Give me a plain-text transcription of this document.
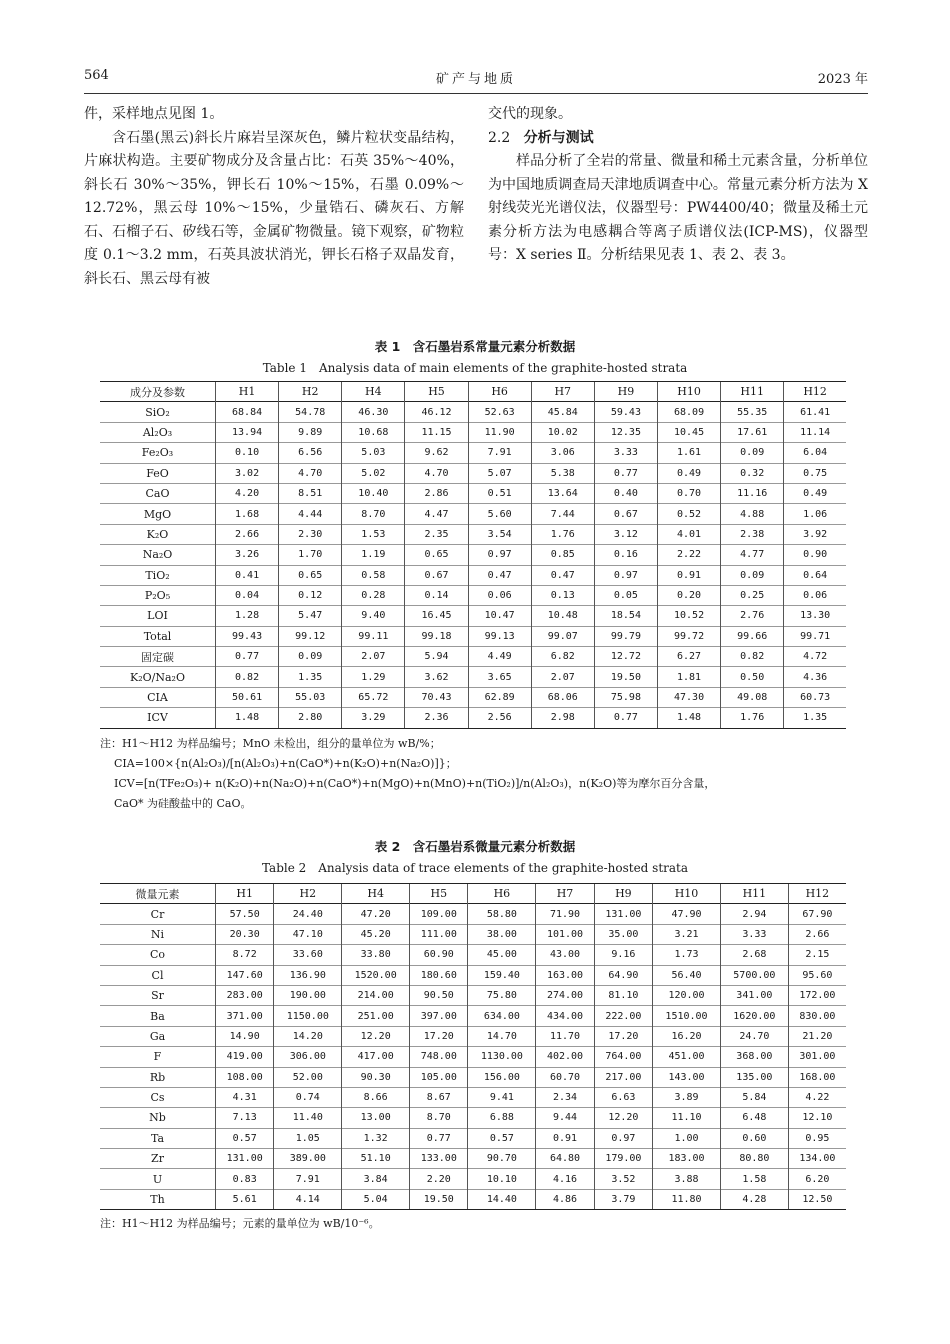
564	矿产与地质	2023 年

件，采样地点见图 1。

含石墨(黑云)斜长片麻岩呈深灰色，鳞片粒状变晶结构，片麻状构造。主要矿物成分及含量占比：石英 35%～40%，斜长石 30%～35%，钾长石 10%～15%，石墨 0.09%～12.72%，黑云母 10%～15%，少量锆石、磷灰石、方解石、石榴子石、矽线石等，金属矿物微量。镜下观察，矿物粒度 0.1～3.2 mm，石英具波状消光，钾长石格子双晶发育，斜长石、黑云母有被

交代的现象。

2.2 分析与测试

样品分析了全岩的常量、微量和稀土元素含量，分析单位为中国地质调查局天津地质调查中心。常量元素分析方法为 X 射线荧光光谱仪法，仪器型号：PW4400/40；微量及稀土元素分析方法为电感耦合等离子质谱仪法(ICP-MS)，仪器型号：X series Ⅱ。分析结果见表 1、表 2、表 3。

表 1　含石墨岩系常量元素分析数据
Table 1　Analysis data of main elements of the graphite-hosted strata
成分及参数	H1	H2	H4	H5	H6	H7	H9	H10	H11	H12
SiO₂	68.84	54.78	46.30	46.12	52.63	45.84	59.43	68.09	55.35	61.41
Al₂O₃	13.94	9.89	10.68	11.15	11.90	10.02	12.35	10.45	17.61	11.14
Fe₂O₃	0.10	6.56	5.03	9.62	7.91	3.06	3.33	1.61	0.09	6.04
FeO	3.02	4.70	5.02	4.70	5.07	5.38	0.77	0.49	0.32	0.75
CaO	4.20	8.51	10.40	2.86	0.51	13.64	0.40	0.70	11.16	0.49
MgO	1.68	4.44	8.70	4.47	5.60	7.44	0.67	0.52	4.88	1.06
K₂O	2.66	2.30	1.53	2.35	3.54	1.76	3.12	4.01	2.38	3.92
Na₂O	3.26	1.70	1.19	0.65	0.97	0.85	0.16	2.22	4.77	0.90
TiO₂	0.41	0.65	0.58	0.67	0.47	0.47	0.97	0.91	0.09	0.64
P₂O₅	0.04	0.12	0.28	0.14	0.06	0.13	0.05	0.20	0.25	0.06
LOI	1.28	5.47	9.40	16.45	10.47	10.48	18.54	10.52	2.76	13.30
Total	99.43	99.12	99.11	99.18	99.13	99.07	99.79	99.72	99.66	99.71
固定碳	0.77	0.09	2.07	5.94	4.49	6.82	12.72	6.27	0.82	4.72
K₂O/Na₂O	0.82	1.35	1.29	3.62	3.65	2.07	19.50	1.81	0.50	4.36
CIA	50.61	55.03	65.72	70.43	62.89	68.06	75.98	47.30	49.08	60.73
ICV	1.48	2.80	3.29	2.36	2.56	2.98	0.77	1.48	1.76	1.35

注：H1～H12 为样品编号；MnO 未检出，组分的量单位为 wB/%；

CIA=100×{n(Al₂O₃)/[n(Al₂O₃)+n(CaO*)+n(K₂O)+n(Na₂O)]}；

ICV=[n(TFe₂O₃)+ n(K₂O)+n(Na₂O)+n(CaO*)+n(MgO)+n(MnO)+n(TiO₂)]/n(Al₂O₃)，n(K₂O)等为摩尔百分含量，

CaO* 为硅酸盐中的 CaO。

表 2　含石墨岩系微量元素分析数据
Table 2　Analysis data of trace elements of the graphite-hosted strata
微量元素	H1	H2	H4	H5	H6	H7	H9	H10	H11	H12
Cr	57.50	24.40	47.20	109.00	58.80	71.90	131.00	47.90	2.94	67.90
Ni	20.30	47.10	45.20	111.00	38.00	101.00	35.00	3.21	3.33	2.66
Co	8.72	33.60	33.80	60.90	45.00	43.00	9.16	1.73	2.68	2.15
Cl	147.60	136.90	1520.00	180.60	159.40	163.00	64.90	56.40	5700.00	95.60
Sr	283.00	190.00	214.00	90.50	75.80	274.00	81.10	120.00	341.00	172.00
Ba	371.00	1150.00	251.00	397.00	634.00	434.00	222.00	1510.00	1620.00	830.00
Ga	14.90	14.20	12.20	17.20	14.70	11.70	17.20	16.20	24.70	21.20
F	419.00	306.00	417.00	748.00	1130.00	402.00	764.00	451.00	368.00	301.00
Rb	108.00	52.00	90.30	105.00	156.00	60.70	217.00	143.00	135.00	168.00
Cs	4.31	0.74	8.66	8.67	9.41	2.34	6.63	3.89	5.84	4.22
Nb	7.13	11.40	13.00	8.70	6.88	9.44	12.20	11.10	6.48	12.10
Ta	0.57	1.05	1.32	0.77	0.57	0.91	0.97	1.00	0.60	0.95
Zr	131.00	389.00	51.10	133.00	90.70	64.80	179.00	183.00	80.80	134.00
U	0.83	7.91	3.84	2.20	10.10	4.16	3.52	3.88	1.58	6.20
Th	5.61	4.14	5.04	19.50	14.40	4.86	3.79	11.80	4.28	12.50

注：H1～H12 为样品编号；元素的量单位为 wB/10⁻⁶。
